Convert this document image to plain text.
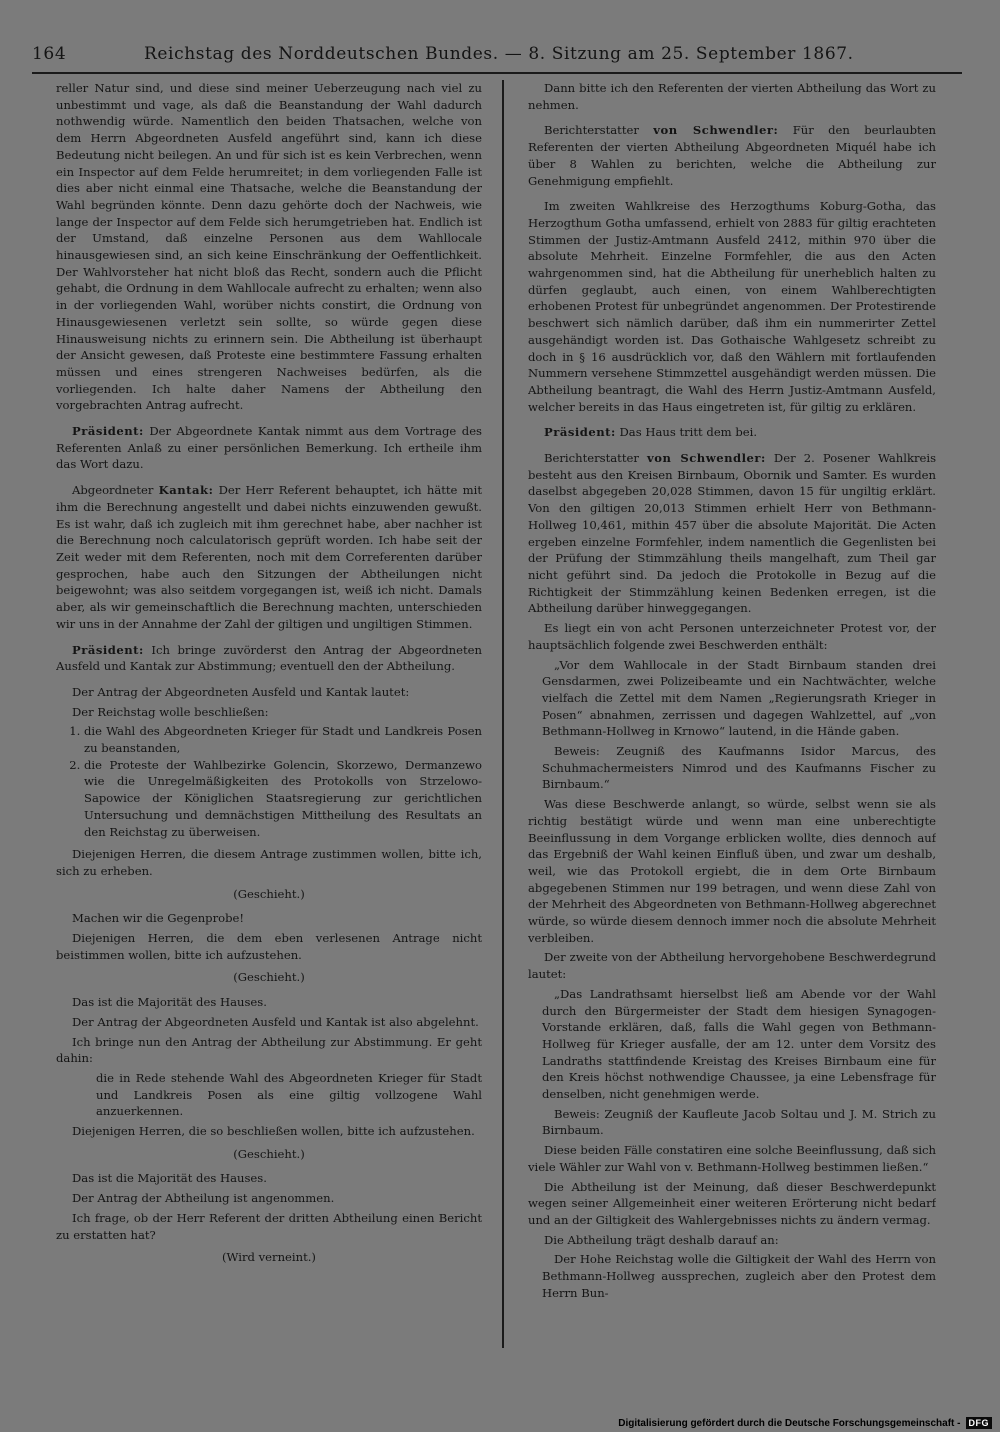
164	Reichstag des Norddeutschen Bundes. — 8. Sitzung am 25. September 1867.

reller Natur sind, und diese sind meiner Ueberzeugung nach viel zu unbestimmt und vage, als daß die Beanstandung der Wahl dadurch nothwendig würde. Namentlich den beiden Thatsachen, welche von dem Herrn Abgeordneten Ausfeld angeführt sind, kann ich diese Bedeutung nicht beilegen. An und für sich ist es kein Verbrechen, wenn ein Inspector auf dem Felde herumreitet; in dem vorliegenden Falle ist dies aber nicht einmal eine Thatsache, welche die Beanstandung der Wahl begründen könnte. Denn dazu gehörte doch der Nachweis, wie lange der Inspector auf dem Felde sich herumgetrieben hat. Endlich ist der Umstand, daß einzelne Personen aus dem Wahllocale hinausgewiesen sind, an sich keine Einschränkung der Oeffentlichkeit. Der Wahlvorsteher hat nicht bloß das Recht, sondern auch die Pflicht gehabt, die Ordnung in dem Wahllocale aufrecht zu erhalten; wenn also in der vorliegenden Wahl, worüber nichts constirt, die Ordnung von Hinausgewiesenen verletzt sein sollte, so würde gegen diese Hinausweisung nichts zu erinnern sein. Die Abtheilung ist überhaupt der Ansicht gewesen, daß Proteste eine bestimmtere Fassung erhalten müssen und eines strengeren Nachweises bedürfen, als die vorliegenden. Ich halte daher Namens der Abtheilung den vorgebrachten Antrag aufrecht.

Präsident: Der Abgeordnete Kantak nimmt aus dem Vortrage des Referenten Anlaß zu einer persönlichen Bemerkung. Ich ertheile ihm das Wort dazu.

Abgeordneter Kantak: Der Herr Referent behauptet, ich hätte mit ihm die Berechnung angestellt und dabei nichts einzuwenden gewußt. Es ist wahr, daß ich zugleich mit ihm gerechnet habe, aber nachher ist die Berechnung noch calculatorisch geprüft worden. Ich habe seit der Zeit weder mit dem Referenten, noch mit dem Correferenten darüber gesprochen, habe auch den Sitzungen der Abtheilungen nicht beigewohnt; was also seitdem vorgegangen ist, weiß ich nicht. Damals aber, als wir gemeinschaftlich die Berechnung machten, unterschieden wir uns in der Annahme der Zahl der giltigen und ungiltigen Stimmen.

Präsident: Ich bringe zuvörderst den Antrag der Abgeordneten Ausfeld und Kantak zur Abstimmung; eventuell den der Abtheilung.

Der Antrag der Abgeordneten Ausfeld und Kantak lautet:

Der Reichstag wolle beschließen:

1. die Wahl des Abgeordneten Krieger für Stadt und Landkreis Posen zu beanstanden,
2. die Proteste der Wahlbezirke Golencin, Skorzewo, Dermanzewo wie die Unregelmäßigkeiten des Protokolls von Strzelowo-Sapowice der Königlichen Staatsregierung zur gerichtlichen Untersuchung und demnächstigen Mittheilung des Resultats an den Reichstag zu überweisen.

Diejenigen Herren, die diesem Antrage zustimmen wollen, bitte ich, sich zu erheben.

(Geschieht.)

Machen wir die Gegenprobe!

Diejenigen Herren, die dem eben verlesenen Antrage nicht beistimmen wollen, bitte ich aufzustehen.

(Geschieht.)

Das ist die Majorität des Hauses.

Der Antrag der Abgeordneten Ausfeld und Kantak ist also abgelehnt.

Ich bringe nun den Antrag der Abtheilung zur Abstimmung. Er geht dahin:

die in Rede stehende Wahl des Abgeordneten Krieger für Stadt und Landkreis Posen als eine giltig vollzogene Wahl anzuerkennen.

Diejenigen Herren, die so beschließen wollen, bitte ich aufzustehen.

(Geschieht.)

Das ist die Majorität des Hauses.

Der Antrag der Abtheilung ist angenommen.

Ich frage, ob der Herr Referent der dritten Abtheilung einen Bericht zu erstatten hat?

(Wird verneint.)

Dann bitte ich den Referenten der vierten Abtheilung das Wort zu nehmen.

Berichterstatter von Schwendler: Für den beurlaubten Referenten der vierten Abtheilung Abgeordneten Miquél habe ich über 8 Wahlen zu berichten, welche die Abtheilung zur Genehmigung empfiehlt.

Im zweiten Wahlkreise des Herzogthums Koburg-Gotha, das Herzogthum Gotha umfassend, erhielt von 2883 für giltig erachteten Stimmen der Justiz-Amtmann Ausfeld 2412, mithin 970 über die absolute Mehrheit. Einzelne Formfehler, die aus den Acten wahrgenommen sind, hat die Abtheilung für unerheblich halten zu dürfen geglaubt, auch einen, von einem Wahlberechtigten erhobenen Protest für unbegründet angenommen. Der Protestirende beschwert sich nämlich darüber, daß ihm ein nummerirter Zettel ausgehändigt worden ist. Das Gothaische Wahlgesetz schreibt zu doch in § 16 ausdrücklich vor, daß den Wählern mit fortlaufenden Nummern versehene Stimmzettel ausgehändigt werden müssen. Die Abtheilung beantragt, die Wahl des Herrn Justiz-Amtmann Ausfeld, welcher bereits in das Haus eingetreten ist, für giltig zu erklären.

Präsident: Das Haus tritt dem bei.

Berichterstatter von Schwendler: Der 2. Posener Wahlkreis besteht aus den Kreisen Birnbaum, Obornik und Samter. Es wurden daselbst abgegeben 20,028 Stimmen, davon 15 für ungiltig erklärt. Von den giltigen 20,013 Stimmen erhielt Herr von Bethmann-Hollweg 10,461, mithin 457 über die absolute Majorität. Die Acten ergeben einzelne Formfehler, indem namentlich die Gegenlisten bei der Prüfung der Stimmzählung theils mangelhaft, zum Theil gar nicht geführt sind. Da jedoch die Protokolle in Bezug auf die Richtigkeit der Stimmzählung keinen Bedenken erregen, ist die Abtheilung darüber hinweggegangen.

Es liegt ein von acht Personen unterzeichneter Protest vor, der hauptsächlich folgende zwei Beschwerden enthält:

„Vor dem Wahllocale in der Stadt Birnbaum standen drei Gensdarmen, zwei Polizeibeamte und ein Nachtwächter, welche vielfach die Zettel mit dem Namen „Regierungsrath Krieger in Posen“ abnahmen, zerrissen und dagegen Wahlzettel, auf „von Bethmann-Hollweg in Krnowo“ lautend, in die Hände gaben.

Beweis: Zeugniß des Kaufmanns Isidor Marcus, des Schuhmachermeisters Nimrod und des Kaufmanns Fischer zu Birnbaum.“

Was diese Beschwerde anlangt, so würde, selbst wenn sie als richtig bestätigt würde und wenn man eine unberechtigte Beeinflussung in dem Vorgange erblicken wollte, dies dennoch auf das Ergebniß der Wahl keinen Einfluß üben, und zwar um deshalb, weil, wie das Protokoll ergiebt, die in dem Orte Birnbaum abgegebenen Stimmen nur 199 betragen, und wenn diese Zahl von der Mehrheit des Abgeordneten von Bethmann-Hollweg abgerechnet würde, so würde diesem dennoch immer noch die absolute Mehrheit verbleiben.

Der zweite von der Abtheilung hervorgehobene Beschwerdegrund lautet:

„Das Landrathsamt hierselbst ließ am Abende vor der Wahl durch den Bürgermeister der Stadt dem hiesigen Synagogen-Vorstande erklären, daß, falls die Wahl gegen von Bethmann-Hollweg für Krieger ausfalle, der am 12. unter dem Vorsitz des Landraths stattfindende Kreistag des Kreises Birnbaum eine für den Kreis höchst nothwendige Chaussee, ja eine Lebensfrage für denselben, nicht genehmigen werde.

Beweis: Zeugniß der Kaufleute Jacob Soltau und J. M. Strich zu Birnbaum.

Diese beiden Fälle constatiren eine solche Beeinflussung, daß sich viele Wähler zur Wahl von v. Bethmann-Hollweg bestimmen ließen.“

Die Abtheilung ist der Meinung, daß dieser Beschwerdepunkt wegen seiner Allgemeinheit einer weiteren Erörterung nicht bedarf und an der Giltigkeit des Wahlergebnisses nichts zu ändern vermag.

Die Abtheilung trägt deshalb darauf an:

Der Hohe Reichstag wolle die Giltigkeit der Wahl des Herrn von Bethmann-Hollweg aussprechen, zugleich aber den Protest dem Herrn Bun-

Digitalisierung gefördert durch die Deutsche Forschungsgemeinschaft - DFG
